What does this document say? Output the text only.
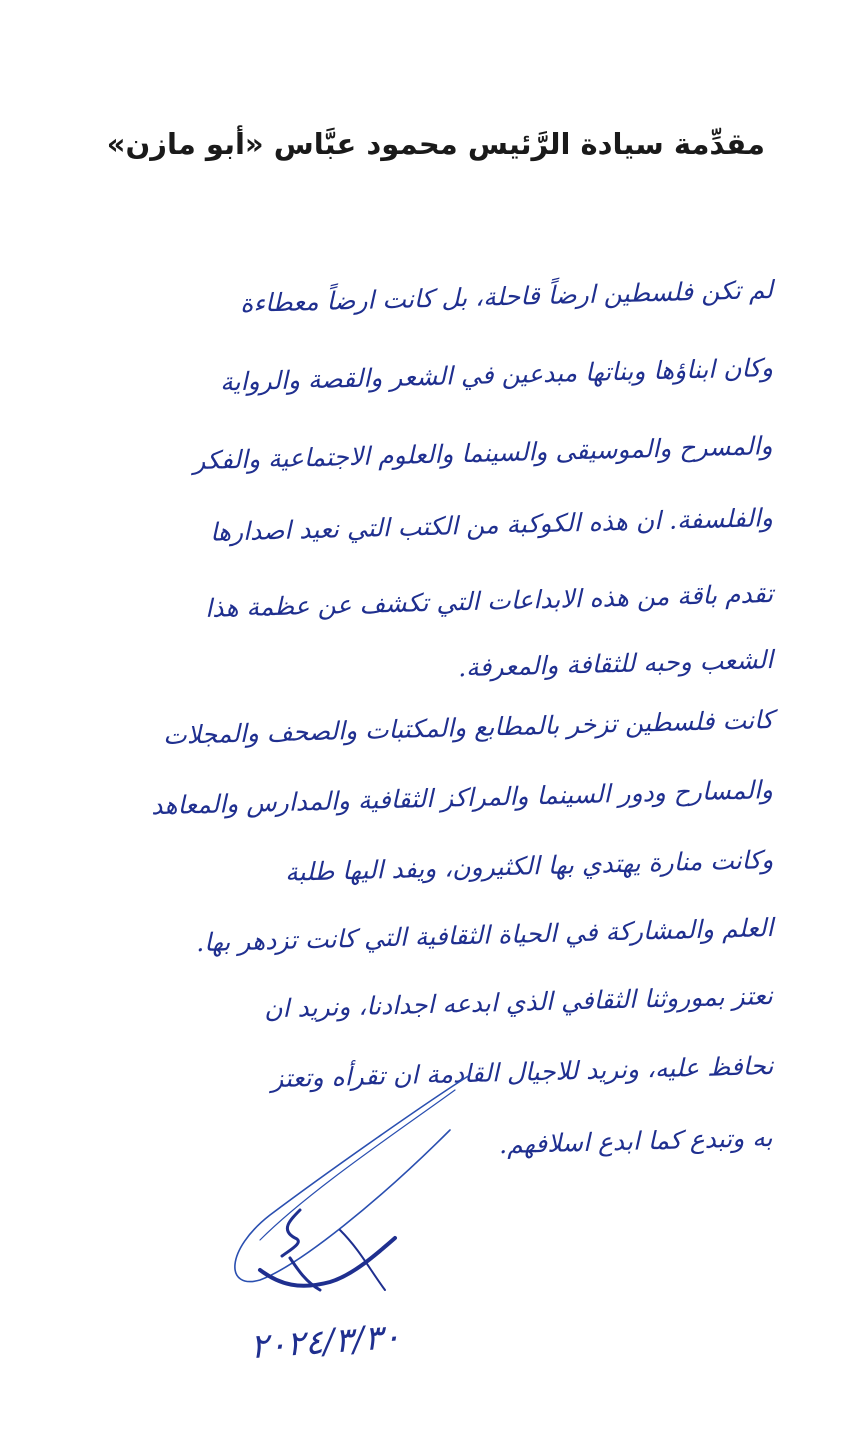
مقدِّمة سيادة الرَّئيس محمود عبَّاس «أبو مازن»

لم تكن فلسطين ارضاً قاحلة، بل كانت ارضاً معطاءة

وكان ابناؤها وبناتها مبدعين في الشعر والقصة والرواية

والمسرح والموسيقى والسينما والعلوم الاجتماعية والفكر

والفلسفة. ان هذه الكوكبة من الكتب التي نعيد اصدارها

تقدم باقة من هذه الابداعات التي تكشف عن عظمة هذا

الشعب وحبه للثقافة والمعرفة.

كانت فلسطين تزخر بالمطابع والمكتبات والصحف والمجلات

والمسارح ودور السينما والمراكز الثقافية والمدارس والمعاهد

وكانت منارة يهتدي بها الكثيرون، ويفد اليها طلبة

العلم والمشاركة في الحياة الثقافية التي كانت تزدهر بها.

نعتز بموروثنا الثقافي الذي ابدعه اجدادنا، ونريد ان

نحافظ عليه، ونريد للاجيال القادمة ان تقرأه وتعتز

به وتبدع كما ابدع اسلافهم.

٢٠٢٤/٣/٣٠
